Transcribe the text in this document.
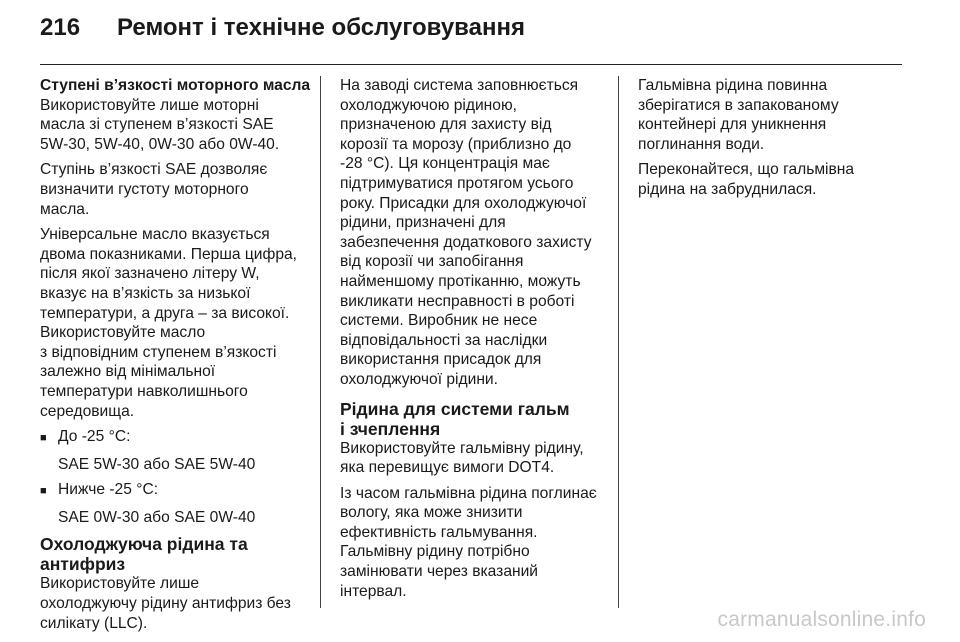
216	Ремонт і технічне обслуговування
Ступені в’язкості моторного масла
Використовуйте лише моторні
масла зі ступенем в’язкості SAE
5W-30, 5W-40, 0W-30 або 0W-40.
Ступінь в’язкості SAE дозволяє
визначити густоту моторного
масла.
Універсальне масло вказується
двома показниками. Перша цифра,
після якої зазначено літеру W,
вказує на в’язкість за низької
температури, а друга – за високої.
Використовуйте масло
з відповідним ступенем в’язкості
залежно від мінімальної
температури навколишнього
середовища.
■ До -25 °C:
SAE 5W-30 або SAE 5W-40
■ Нижче -25 °C:
SAE 0W-30 або SAE 0W-40
Охолоджуюча рідина та
антифриз
Використовуйте лише
охолоджуючу рідину антифриз без
силікату (LLC).
На заводі система заповнюється
охолоджуючою рідиною,
призначеною для захисту від
корозії та морозу (приблизно до
-28 °C). Ця концентрація має
підтримуватися протягом усього
року. Присадки для охолоджуючої
рідини, призначені для
забезпечення додаткового захисту
від корозії чи запобігання
найменшому протіканню, можуть
викликати несправності в роботі
системи. Виробник не несе
відповідальності за наслідки
використання присадок для
охолоджуючої рідини.
Рідина для системи гальм
і зчеплення
Використовуйте гальмівну рідину,
яка перевищує вимоги DOT4.
Із часом гальмівна рідина поглинає
вологу, яка може знизити
ефективність гальмування.
Гальмівну рідину потрібно
замінювати через вказаний
інтервал.
Гальмівна рідина повинна
зберігатися в запакованому
контейнері для уникнення
поглинання води.
Переконайтеся, що гальмівна
рідина на забруднилася.
carmanualsonline.info
